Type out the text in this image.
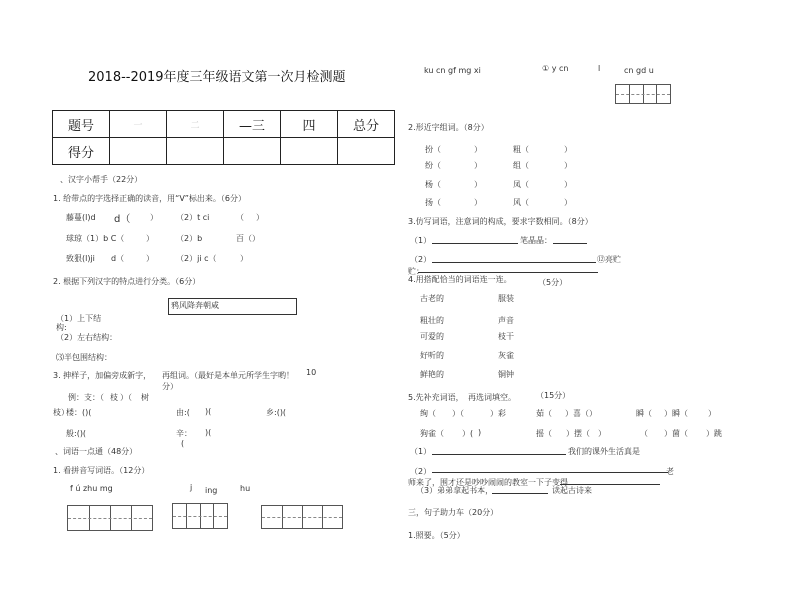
2018--2019年度三年级语文第一次月检测题
题号	一	二	—三	四	总分
得分					
、汉字小帮手（22分）
1. 给带点的字选择正确的读音，用“V”标出来。（6分）
藤蔓(l)d d（ ） （2）t ci	（ ）
球琼（1）b C（	）	（2）b	百（）
致狠(l)ji d（	）	（2）ji c（	）
2. 根据下列汉字的特点进行分类。（6分）
鸦风降奔朝咸
（1）上下结
构:
（2）左右结构：
⑶半包围结构：
3. 抻样子，加偏旁成新字， 再组词。（最好是本单元所学生字哟！ 10
分）
例：支：（ 枝 ）（ 树
枝）
楼：()(	由:( )(	乡:()(
般:()(	辛： )(
(
、词语一点通（48分）
1. 看拼音写词语。（12分）
f ú zhu mg	j ing	hu
ku cn gf mg xi	① y cn	l	cn gd u
2.形近字组词。（8分）
扮（	）	粗（	）
纷（	）	组（	）
杨（	）	凤（	）
扬（	）	风（	）
3.仿写词语，注意词的构成，要求字数相同。（8分）
（1）	笔晶晶：
（2）	⑫亮贮
贮：
4.用搭配恰当的词语连一连。	（5分）
古老的	服装
粗壮的	声音
可爱的	枝干
好听的	灰雀
鲜艳的	铜钟
5.先补充词语， 再选词填空。	（15分）
绚（ ）（	）彩	茹（ ）喜（）	瞬（ ）瞬（	）
狗雀（ ）( )	摇（ ）摆（ ）	（ ）菌（ ）跳
（1）	我们的课外生活真是
（2）	老
师来了，围才还是吵吵闹闹的教室一下子变得
（3）弟弟拿起书本，	读起古诗来
三，句子助力车（20分）
1.照要。（5分）
